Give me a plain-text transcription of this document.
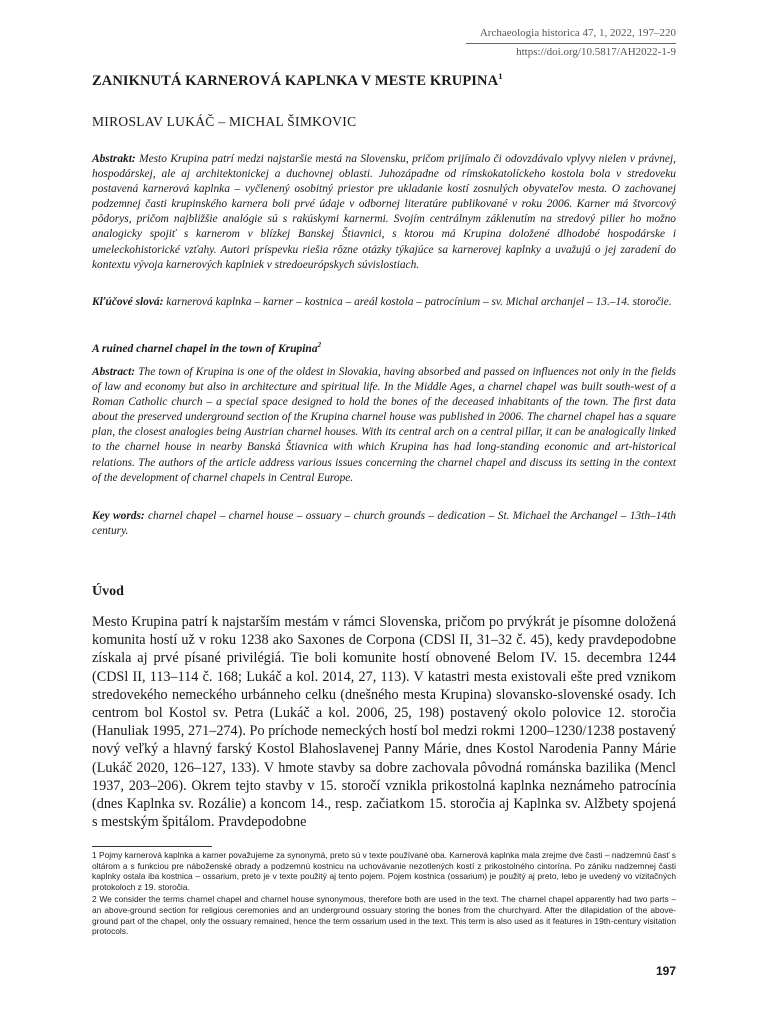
Archaeologia historica 47, 1, 2022, 197–220
https://doi.org/10.5817/AH2022-1-9
ZANIKNUTÁ KARNEROVÁ KAPLNKA V MESTE KRUPINA$^1$
MIROSLAV LUKÁČ – MICHAL ŠIMKOVIC
Abstrakt: Mesto Krupina patrí medzi najstaršie mestá na Slovensku, pričom prijímalo či odovzdávalo vplyvy nielen v právnej, hospodárskej, ale aj architektonickej a duchovnej oblasti. Juhozápadne od rímskokatolíckeho kostola bola v stredoveku postavená karnerová kaplnka – vyčlenený osobitný priestor pre ukladanie kostí zosnulých obyvateľov mesta. O zachovanej podzemnej časti krupinského karnera boli prvé údaje v odbornej literatúre publikované v roku 2006. Karner má štvorcový pôdorys, pričom najbližšie analógie sú s rakúskymi karnermi. Svojím centrálnym záklenutím na stredový pilier ho možno analogicky spojiť s karnerom v blízkej Banskej Štiavnici, s ktorou má Krupina doložené dlhodobé hospodárske i umeleckohistorické vzťahy. Autori príspevku riešia rôzne otázky týkajúce sa karnerovej kaplnky a uvažujú o jej zaradení do kontextu vývoja karnerových kaplniek v stredoeurópskych súvislostiach.
Kľúčové slová: karnerová kaplnka – karner – kostnica – areál kostola – patrocínium – sv. Michal archanjel – 13.–14. storočie.
A ruined charnel chapel in the town of Krupina$^2$
Abstract: The town of Krupina is one of the oldest in Slovakia, having absorbed and passed on influences not only in the fields of law and economy but also in architecture and spiritual life. In the Middle Ages, a charnel chapel was built south-west of a Roman Catholic church – a special space designed to hold the bones of the deceased inhabitants of the town. The first data about the preserved underground section of the Krupina charnel house was published in 2006. The charnel chapel has a square plan, the closest analogies being Austrian charnel houses. With its central arch on a central pillar, it can be analogically linked to the charnel house in nearby Banská Štiavnica with which Krupina has had long-standing economic and art-historical relations. The authors of the article address various issues concerning the charnel chapel and discuss its setting in the context of the development of charnel chapels in Central Europe.
Key words: charnel chapel – charnel house – ossuary – church grounds – dedication – St. Michael the Archangel – 13th–14th century.
Úvod
Mesto Krupina patrí k najstarším mestám v rámci Slovenska, pričom po prvýkrát je písomne doložená komunita hostí už v roku 1238 ako Saxones de Corpona (CDSl II, 31–32 č. 45), kedy pravdepodobne získala aj prvé písané privilégiá. Tie boli komunite hostí obnovené Belom IV. 15. decembra 1244 (CDSl II, 113–114 č. 168; Lukáč a kol. 2014, 27, 113). V katastri mesta existovali ešte pred vznikom stredovekého nemeckého urbánneho celku (dnešného mesta Krupina) slovansko-slovenské osady. Ich centrom bol Kostol sv. Petra (Lukáč a kol. 2006, 25, 198) postavený okolo polovice 12. storočia (Hanuliak 1995, 271–274). Po príchode nemeckých hostí bol medzi rokmi 1200–1230/1238 postavený nový veľký a hlavný farský Kostol Blahoslavenej Panny Márie, dnes Kostol Narodenia Panny Márie (Lukáč 2020, 126–127, 133). V hmote stavby sa dobre zachovala pôvodná románska bazilika (Mencl 1937, 203–206). Okrem tejto stavby v 15. storočí vznikla prikostolná kaplnka neznámeho patrocínia (dnes Kaplnka sv. Rozálie) a koncom 14., resp. začiatkom 15. storočia aj Kaplnka sv. Alžbety spojená s mestským špitálom. Pravdepodobne

1 Pojmy karnerová kaplnka a karner považujeme za synonymá, preto sú v texte používané oba. Karnerová kaplnka mala zrejme dve časti – nadzemnú časť s oltárom a s funkciou pre náboženské obrady a podzemnú kostnicu na uchovávanie nezotlených kostí z prikostolného cintorína. Po zániku nadzemnej časti kaplnky ostala iba kostnica – ossarium, preto je v texte použitý aj tento pojem. Pojem kostnica (ossarium) je použitý aj preto, lebo je uvedený vo vizitačných protokoloch z 19. storočia.

2 We consider the terms charnel chapel and charnel house synonymous, therefore both are used in the text. The charnel chapel apparently had two parts – an above-ground section for religious ceremonies and an underground ossuary storing the bones from the churchyard. After the dilapidation of the above-ground part of the chapel, only the ossuary remained, hence the term ossarium used in the text. This term is also used as it features in 19th-century visitation protocols.

197
